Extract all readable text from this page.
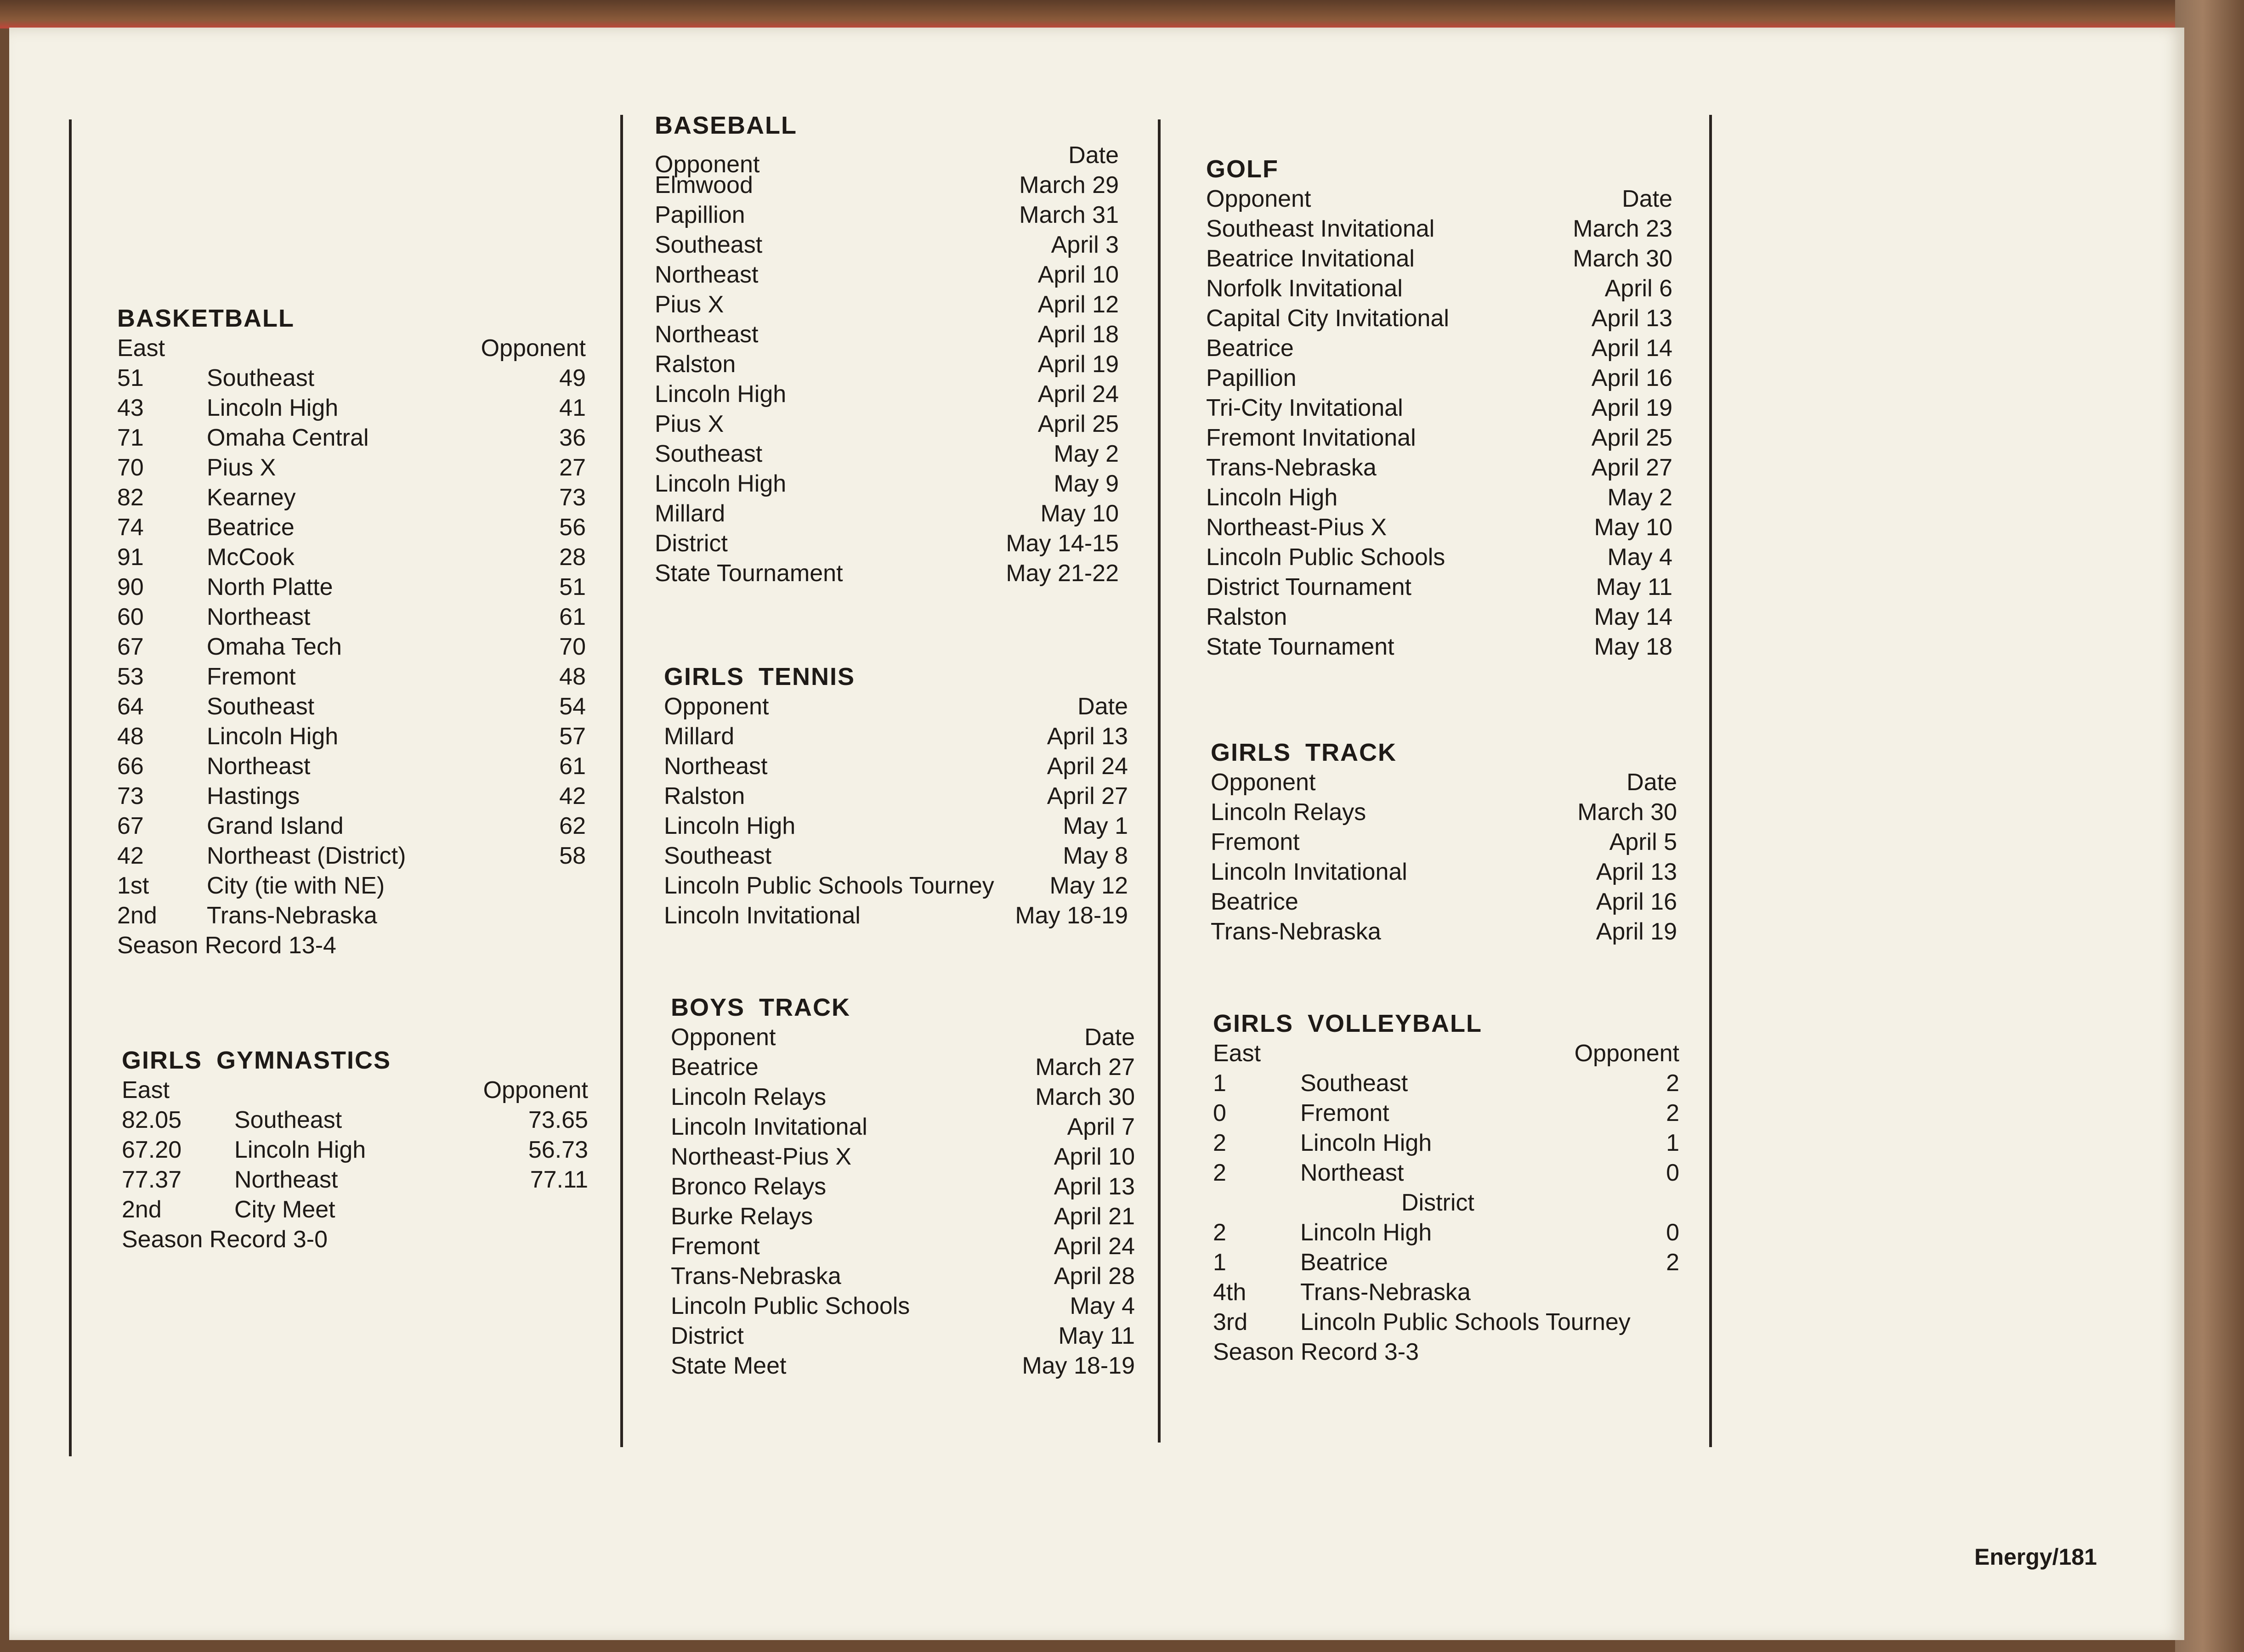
BASKETBALL
East	Opponent
51	Southeast	49
43	Lincoln High	41
71	Omaha Central	36
70	Pius X	27
82	Kearney	73
74	Beatrice	56
91	McCook	28
90	North Platte	51
60	Northeast	61
67	Omaha Tech	70
53	Fremont	48
64	Southeast	54
48	Lincoln High	57
66	Northeast	61
73	Hastings	42
67	Grand Island	62
42	Northeast (District)	58
1st City (tie with NE)
2nd Trans-Nebraska
Season Record 13-4
GIRLS GYMNASTICS
East	Opponent
82.05 Southeast	73.65
67.20 Lincoln High	56.73
77.37 Northeast	77.11
2nd	City Meet
Season Record 3-0
BASEBALL
Opponent	Date
Elmwood	March 29
Papillion	March 31
Southeast	April 3
Northeast	April 10
Pius X	April 12
Northeast	April 18
Ralston	April 19
Lincoln High	April 24
Pius X	April 25
Southeast	May 2
Lincoln High	May 9
Millard	May 10
District	May 14-15
State Tournament	May 21-22
GIRLS TENNIS
Opponent	Date
Millard	April 13
Northeast	April 24
Ralston	April 27
Lincoln High	May 1
Southeast	May 8
Lincoln Public Schools Tourney May 12
Lincoln Invitational	May 18-19
BOYS TRACK
Opponent	Date
Beatrice	March 27
Lincoln Relays	March 30
Lincoln Invitational	April 7
Northeast-Pius X	April 10
Bronco Relays	April 13
Burke Relays	April 21
Fremont	April 24
Trans-Nebraska	April 28
Lincoln Public Schools	May 4
District	May 11
State Meet	May 18-19
GOLF
Opponent	Date
Southeast Invitational	March 23
Beatrice Invitational	March 30
Norfolk Invitational	April 6
Capital City Invitational	April 13
Beatrice	April 14
Papillion	April 16
Tri-City Invitational	April 19
Fremont Invitational	April 25
Trans-Nebraska	April 27
Lincoln High	May 2
Northeast-Pius X	May 10
Lincoln Public Schools	May 4
District Tournament	May 11
Ralston	May 14
State Tournament	May 18
GIRLS TRACK
Opponent	Date
Lincoln Relays	March 30
Fremont	April 5
Lincoln Invitational	April 13
Beatrice	April 16
Trans-Nebraska	April 19
GIRLS VOLLEYBALL
East	Opponent
1	Southeast	2
0	Fremont	2
2	Lincoln High	1
2	Northeast	0
District
2	Lincoln High	0
1	Beatrice	2
4th Trans-Nebraska
3rd Lincoln Public Schools Tourney
Season Record 3-3
Energy/181
